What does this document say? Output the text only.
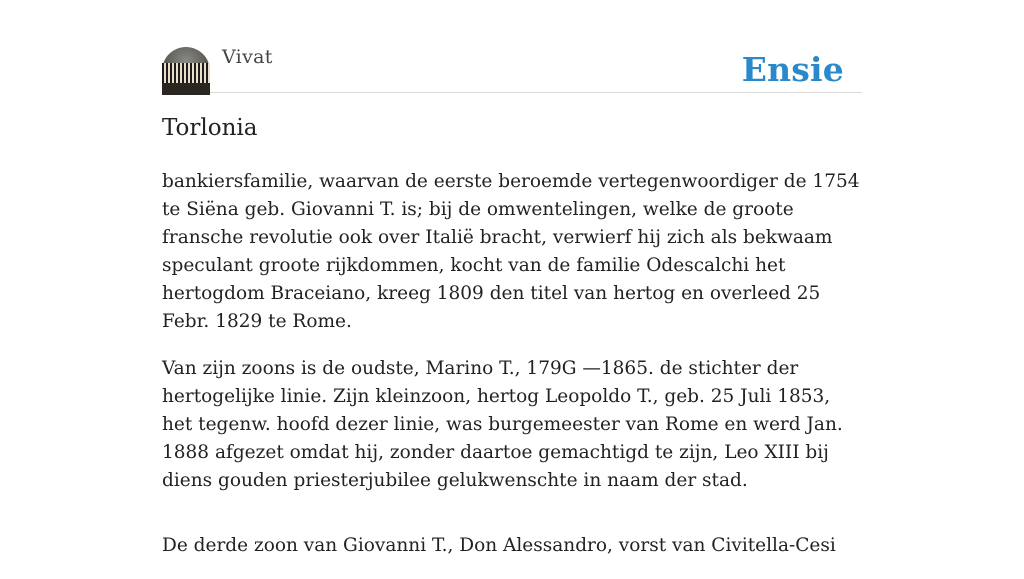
Vivat	Ensie
Torlonia

bankiersfamilie, waarvan de eerste beroemde vertegenwoordiger de 1754 te Siëna geb. Giovanni T. is; bij de omwentelingen, welke de groote fransche revolutie ook over Italië bracht, verwierf hij zich als bekwaam speculant groote rijkdommen, kocht van de familie Odescalchi het hertogdom Braceiano, kreeg 1809 den titel van hertog en overleed 25 Febr. 1829 te Rome.

Van zijn zoons is de oudste, Marino T., 179G —1865. de stichter der hertogelijke linie. Zijn kleinzoon, hertog Leopoldo T., geb. 25 Juli 1853, het tegenw. hoofd dezer linie, was burgemeester van Rome en werd Jan. 1888 afgezet omdat hij, zonder daartoe gemachtigd te zijn, Leo XIII bij diens gouden priesterjubilee gelukwenschte in naam der stad.

De derde zoon van Giovanni T., Don Alessandro, vorst van Civitella-Cesi
